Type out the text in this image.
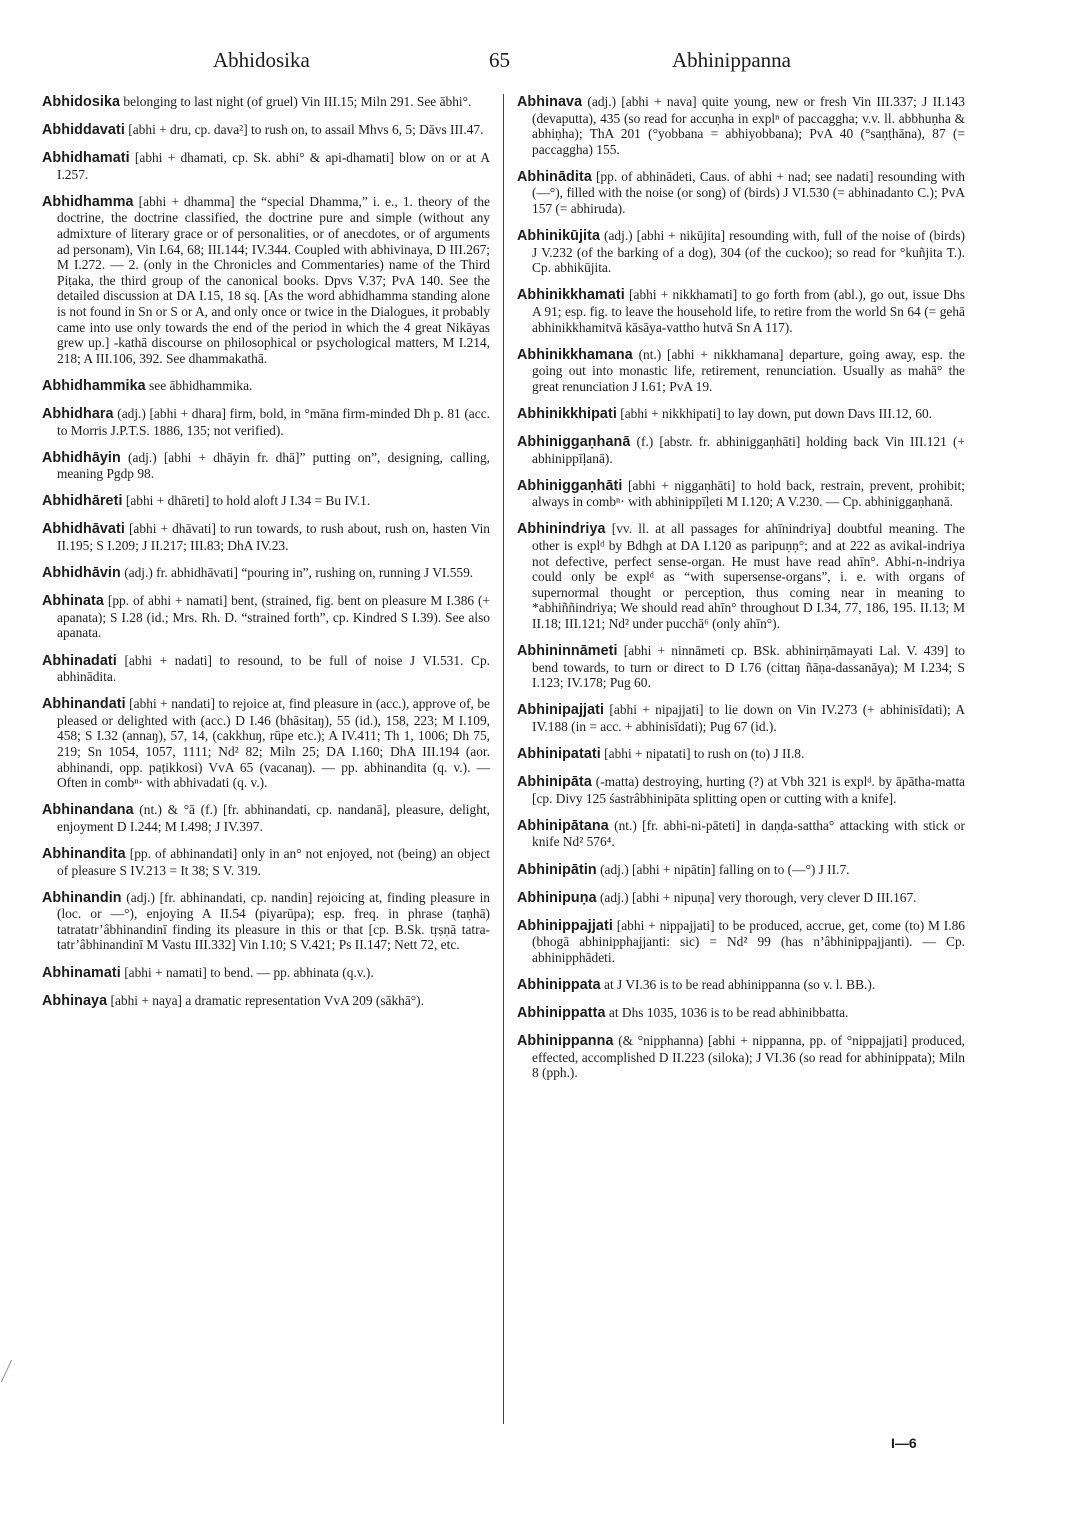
Abhidosika	65	Abhinippanna

Abhidosika belonging to last night (of gruel) Vin III.15; Miln 291. See ābhi°.

Abhiddavati [abhi + dru, cp. dava²] to rush on, to assail Mhvs 6, 5; Dāvs III.47.

Abhidhamati [abhi + dhamati, cp. Sk. abhi° & api-dhamati] blow on or at A I.257.

Abhidhamma [abhi + dhamma] the “special Dhamma,” i. e., 1. theory of the doctrine, the doctrine classified, the doctrine pure and simple (without any admixture of literary grace or of personalities, or of anecdotes, or of arguments ad personam), Vin I.64, 68; III.144; IV.344. Coupled with abhivinaya, D III.267; M I.272. — 2. (only in the Chronicles and Commentaries) name of the Third Piṭaka, the third group of the canonical books. Dpvs V.37; PvA 140. See the detailed discussion at DA I.15, 18 sq. [As the word abhidhamma standing alone is not found in Sn or S or A, and only once or twice in the Dialogues, it probably came into use only towards the end of the period in which the 4 great Nikāyas grew up.] -kathā discourse on philosophical or psychological matters, M I.214, 218; A III.106, 392. See dhammakathā.

Abhidhammika see ābhidhammika.

Abhidhara (adj.) [abhi + dhara] firm, bold, in °māna firm-minded Dh p. 81 (acc. to Morris J.P.T.S. 1886, 135; not verified).

Abhidhāyin (adj.) [abhi + dhāyin fr. dhā]” putting on”, designing, calling, meaning Pgdp 98.

Abhidhāreti [abhi + dhāreti] to hold aloft J I.34 = Bu IV.1.

Abhidhāvati [abhi + dhāvati] to run towards, to rush about, rush on, hasten Vin II.195; S I.209; J II.217; III.83; DhA IV.23.

Abhidhāvin (adj.) fr. abhidhāvati] “pouring in”, rushing on, running J VI.559.

Abhinata [pp. of abhi + namati] bent, (strained, fig. bent on pleasure M I.386 (+ apanata); S I.28 (id.; Mrs. Rh. D. “strained forth”, cp. Kindred S I.39). See also apanata.

Abhinadati [abhi + nadati] to resound, to be full of noise J VI.531. Cp. abhinādita.

Abhinandati [abhi + nandati] to rejoice at, find pleasure in (acc.), approve of, be pleased or delighted with (acc.) D I.46 (bhāsitaŋ), 55 (id.), 158, 223; M I.109, 458; S I.32 (annaŋ), 57, 14, (cakkhuŋ, rūpe etc.); A IV.411; Th 1, 1006; Dh 75, 219; Sn 1054, 1057, 1111; Nd² 82; Miln 25; DA I.160; DhA III.194 (aor. abhinandi, opp. paṭikkosi) VvA 65 (vacanaŋ). — pp. abhinandita (q. v.). — Often in combⁿ· with abhivadati (q. v.).

Abhinandana (nt.) & °ā (f.) [fr. abhinandati, cp. nandanā], pleasure, delight, enjoyment D I.244; M I.498; J IV.397.

Abhinandita [pp. of abhinandati] only in an° not enjoyed, not (being) an object of pleasure S IV.213 = It 38; S V. 319.

Abhinandin (adj.) [fr. abhinandati, cp. nandin] rejoicing at, finding pleasure in (loc. or —°), enjoying A II.54 (piyarūpa); esp. freq. in phrase (taṇhā) tatratatr’âbhinandinī finding its pleasure in this or that [cp. B.Sk. tṛṣṇā tatra-tatr’âbhinandinī M Vastu III.332] Vin I.10; S V.421; Ps II.147; Nett 72, etc.

Abhinamati [abhi + namati] to bend. — pp. abhinata (q.v.).

Abhinaya [abhi + naya] a dramatic representation VvA 209 (sākhā°).

Abhinava (adj.) [abhi + nava] quite young, new or fresh Vin III.337; J II.143 (devaputta), 435 (so read for accuṇha in explⁿ of paccaggha; v.v. ll. abbhuṇha & abhiṇha); ThA 201 (°yobbana = abhiyobbana); PvA 40 (°saṇṭhāna), 87 (= paccaggha) 155.

Abhinādita [pp. of abhinādeti, Caus. of abhi + nad; see nadati] resounding with (—°), filled with the noise (or song) of (birds) J VI.530 (= abhinadanto C.); PvA 157 (= abhiruda).

Abhinikūjita (adj.) [abhi + nikūjita] resounding with, full of the noise of (birds) J V.232 (of the barking of a dog), 304 (of the cuckoo); so read for °kuñjita T.). Cp. abhikūjita.

Abhinikkhamati [abhi + nikkhamati] to go forth from (abl.), go out, issue Dhs A 91; esp. fig. to leave the household life, to retire from the world Sn 64 (= gehā abhinikkhamitvā kāsāya-vattho hutvā Sn A 117).

Abhinikkhamana (nt.) [abhi + nikkhamana] departure, going away, esp. the going out into monastic life, retirement, renunciation. Usually as mahā° the great renunciation J I.61; PvA 19.

Abhinikkhipati [abhi + nikkhipati] to lay down, put down Davs III.12, 60.

Abhiniggaṇhanā (f.) [abstr. fr. abhiniggaṇhāti] holding back Vin III.121 (+ abhinippīḷanā).

Abhiniggaṇhāti [abhi + niggaṇhāti] to hold back, restrain, prevent, prohibit; always in combⁿ· with abhinippīḷeti M I.120; A V.230. — Cp. abhiniggaṇhanā.

Abhinindriya [vv. ll. at all passages for ahīnindriya] doubtful meaning. The other is explᵈ by Bdhgh at DA I.120 as paripuṇṇ°; and at 222 as avikal-indriya not defective, perfect sense-organ. He must have read ahīn°. Abhi-n-indriya could only be explᵈ as “with supersense-organs”, i. e. with organs of supernormal thought or perception, thus coming near in meaning to *abhiññindriya; We should read ahīn° throughout D I.34, 77, 186, 195. II.13; M II.18; III.121; Nd² under pucchā⁶ (only ahīn°).

Abhininnāmeti [abhi + ninnāmeti cp. BSk. abhinirṇāmayati Lal. V. 439] to bend towards, to turn or direct to D I.76 (cittaŋ ñāṇa-dassanāya); M I.234; S I.123; IV.178; Pug 60.

Abhinipajjati [abhi + nipajjati] to lie down on Vin IV.273 (+ abhinisīdati); A IV.188 (in = acc. + abhinisīdati); Pug 67 (id.).

Abhinipatati [abhi + nipatati] to rush on (to) J II.8.

Abhinipāta (-matta) destroying, hurting (?) at Vbh 321 is explᵈ. by āpātha-matta [cp. Divy 125 śastrâbhinipāta splitting open or cutting with a knife].

Abhinipātana (nt.) [fr. abhi-ni-pāteti] in daṇḍa-sattha° attacking with stick or knife Nd² 576⁴.

Abhinipātin (adj.) [abhi + nipātin] falling on to (—°) J II.7.

Abhinipuṇa (adj.) [abhi + nipuṇa] very thorough, very clever D III.167.

Abhinippajjati [abhi + nippajjati] to be produced, accrue, get, come (to) M I.86 (bhogā abhinipphajjanti: sic) = Nd² 99 (has n’âbhinippajjanti). — Cp. abhinipphādeti.

Abhinippata at J VI.36 is to be read abhinippanna (so v. l. BB.).

Abhinippatta at Dhs 1035, 1036 is to be read abhinibbatta.

Abhinippanna (& °nipphanna) [abhi + nippanna, pp. of °nippajjati] produced, effected, accomplished D II.223 (siloka); J VI.36 (so read for abhinippata); Miln 8 (pph.).

I—6
